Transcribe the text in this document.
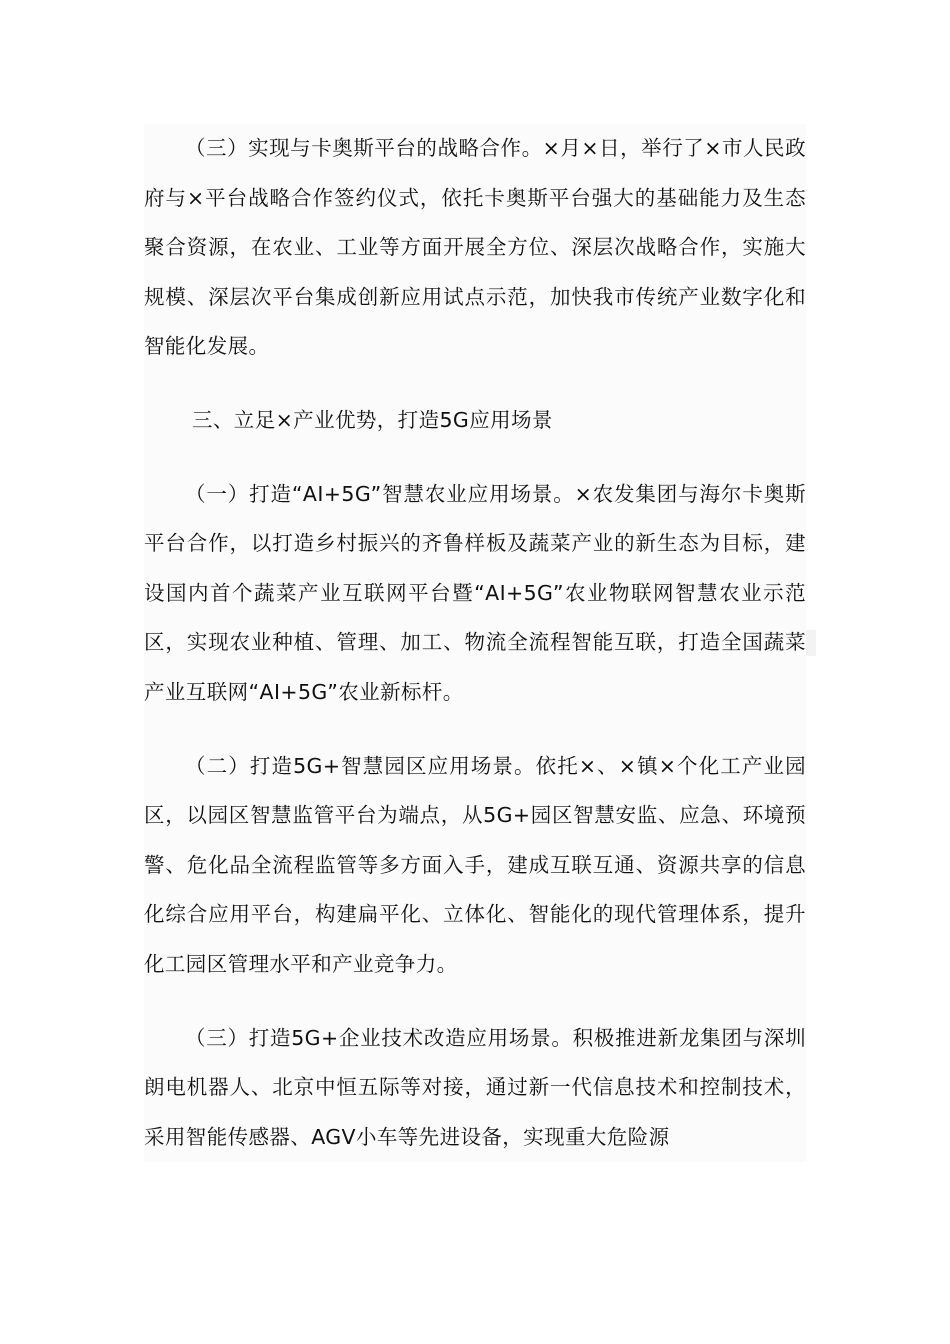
（三）实现与卡奥斯平台的战略合作。×月×日，举行了×市人民政府与×平台战略合作签约仪式，依托卡奥斯平台强大的基础能力及生态聚合资源，在农业、工业等方面开展全方位、深层次战略合作，实施大规模、深层次平台集成创新应用试点示范，加快我市传统产业数字化和智能化发展。

三、立足×产业优势，打造5G应用场景

（一）打造“AI+5G”智慧农业应用场景。×农发集团与海尔卡奥斯平台合作，以打造乡村振兴的齐鲁样板及蔬菜产业的新生态为目标，建设国内首个蔬菜产业互联网平台暨“AI+5G”农业物联网智慧农业示范区，实现农业种植、管理、加工、物流全流程智能互联，打造全国蔬菜产业互联网“AI+5G”农业新标杆。

（二）打造5G+智慧园区应用场景。依托×、×镇×个化工产业园区，以园区智慧监管平台为端点，从5G+园区智慧安监、应急、环境预警、危化品全流程监管等多方面入手，建成互联互通、资源共享的信息化综合应用平台，构建扁平化、立体化、智能化的现代管理体系，提升化工园区管理水平和产业竞争力。

（三）打造5G+企业技术改造应用场景。积极推进新龙集团与深圳朗电机器人、北京中恒五际等对接，通过新一代信息技术和控制技术，采用智能传感器、AGV小车等先进设备，实现重大危险源
